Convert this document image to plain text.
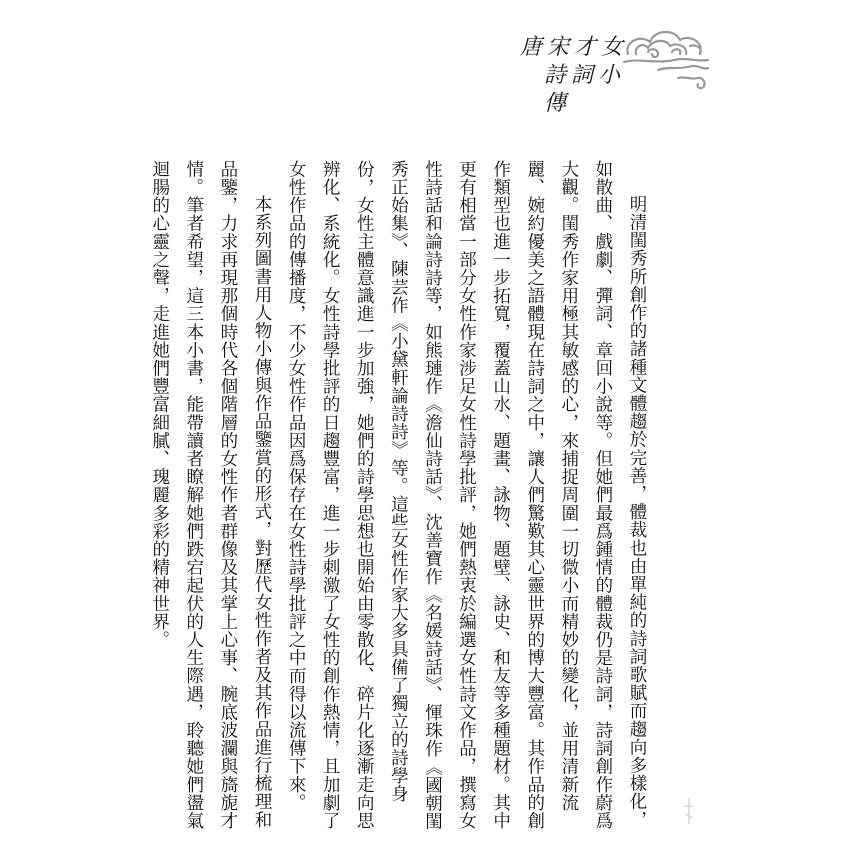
唐宋才女
詩詞小傳

明清閨秀所創作的諸種文體趨於完善，體裁也由單純的詩詞歌賦而趨向多樣化，如散曲、戲劇、彈詞、章回小說等。但她們最爲鍾情的體裁仍是詩詞，詩詞創作蔚爲大觀。閨秀作家用極其敏感的心，來捕捉周圍一切微小而精妙的變化，並用清新流麗、婉約優美之語體現在詩詞之中，讓人們驚歎其心靈世界的博大豐富。其作品的創作類型也進一步拓寬，覆蓋山水、題畫、詠物、題壁、詠史、和友等多種題材。其中更有相當一部分女性作家涉足女性詩學批評，她們熱衷於編選女性詩文作品，撰寫女性詩話和論詩詩等，如熊璉作《澹仙詩話》、沈善寶作《名媛詩話》、惲珠作《國朝閨秀正始集》、陳芸作《小黛軒論詩詩》等。這些女性作家大多具備了獨立的詩學身份，女性主體意識進一步加強，她們的詩學思想也開始由零散化、碎片化逐漸走向思辨化、系統化。女性詩學批評的日趨豐富，進一步刺激了女性的創作熱情，且加劇了女性作品的傳播度，不少女性作品因爲保存在女性詩學批評之中而得以流傳下來。

本系列圖書用人物小傳與作品鑒賞的形式，對歷代女性作者及其作品進行梳理和品鑒，力求再現那個時代各個階層的女性作者群像及其掌上心事、腕底波瀾與旖旎才情。筆者希望，這三本小書，能帶讀者瞭解她們跌宕起伏的人生際遇，聆聽她們盪氣迴腸的心靈之聲，走進她們豐富細膩、瑰麗多彩的精神世界。
